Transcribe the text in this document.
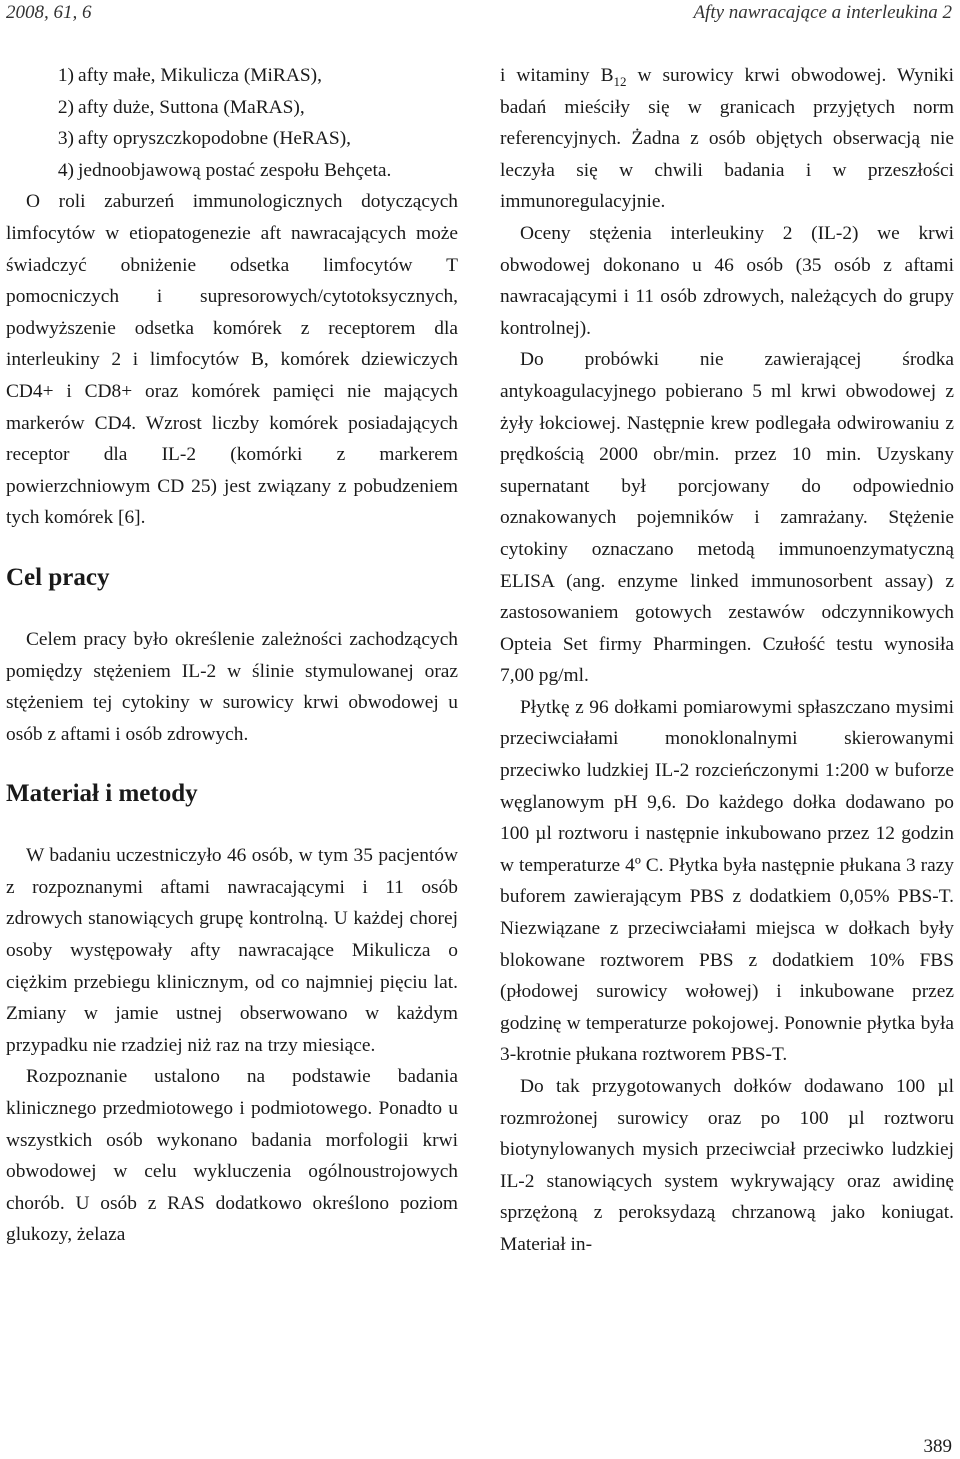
2008, 61, 6	Afty nawracające a interleukina 2

1) afty małe, Mikulicza (MiRAS),

2) afty duże, Suttona (MaRAS),

3) afty opryszczkopodobne (HeRAS),

4) jednoobjawową postać zespołu Behçeta.

O roli zaburzeń immunologicznych dotyczących limfocytów w etiopatogenezie aft nawracających może świadczyć obniżenie odsetka limfocytów T pomocniczych i supresorowych/cytotoksycznych, podwyższenie odsetka komórek z receptorem dla interleukiny 2 i limfocytów B, komórek dziewiczych CD4+ i CD8+ oraz komórek pamięci nie mających markerów CD4. Wzrost liczby komórek posiadających receptor dla IL-2 (komórki z markerem powierzchniowym CD 25) jest związany z pobudzeniem tych komórek [6].

Cel pracy

Celem pracy było określenie zależności zachodzących pomiędzy stężeniem IL-2 w ślinie stymulowanej oraz stężeniem tej cytokiny w surowicy krwi obwodowej u osób z aftami i osób zdrowych.

Materiał i metody

W badaniu uczestniczyło 46 osób, w tym 35 pacjentów z rozpoznanymi aftami nawracającymi i 11 osób zdrowych stanowiących grupę kontrolną. U każdej chorej osoby występowały afty nawracające Mikulicza o ciężkim przebiegu klinicznym, od co najmniej pięciu lat. Zmiany w jamie ustnej obserwowano w każdym przypadku nie rzadziej niż raz na trzy miesiące.

Rozpoznanie ustalono na podstawie badania klinicznego przedmiotowego i podmiotowego. Ponadto u wszystkich osób wykonano badania morfologii krwi obwodowej w celu wykluczenia ogólnoustrojowych chorób. U osób z RAS dodatkowo określono poziom glukozy, żelaza

i witaminy $B_{12}$ w surowicy krwi obwodowej. Wyniki badań mieściły się w granicach przyjętych norm referencyjnych. Żadna z osób objętych obserwacją nie leczyła się w chwili badania i w przeszłości immunoregulacyjnie.

Oceny stężenia interleukiny 2 (IL-2) we krwi obwodowej dokonano u 46 osób (35 osób z aftami nawracającymi i 11 osób zdrowych, należących do grupy kontrolnej).

Do probówki nie zawierającej środka antykoagulacyjnego pobierano 5 ml krwi obwodowej z żyły łokciowej. Następnie krew podlegała odwirowaniu z prędkością 2000 obr/min. przez 10 min. Uzyskany supernatant był porcjowany do odpowiednio oznakowanych pojemników i zamrażany. Stężenie cytokiny oznaczano metodą immunoenzymatyczną ELISA (ang. enzyme linked immunosorbent assay) z zastosowaniem gotowych zestawów odczynnikowych Opteia Set firmy Pharmingen. Czułość testu wynosiła 7,00 pg/ml.

Płytkę z 96 dołkami pomiarowymi spłaszczano mysimi przeciwciałami monoklonalnymi skierowanymi przeciwko ludzkiej IL-2 rozcieńczonymi 1:200 w buforze węglanowym pH 9,6. Do każdego dołka dodawano po 100 µl roztworu i następnie inkubowano przez 12 godzin w temperaturze 4º C. Płytka była następnie płukana 3 razy buforem zawierającym PBS z dodatkiem 0,05% PBS-T. Niezwiązane z przeciwciałami miejsca w dołkach były blokowane roztworem PBS z dodatkiem 10% FBS (płodowej surowicy wołowej) i inkubowane przez godzinę w temperaturze pokojowej. Ponownie płytka była 3-krotnie płukana roztworem PBS-T.

Do tak przygotowanych dołków dodawano 100 µl rozmrożonej surowicy oraz po 100 µl roztworu biotynylowanych mysich przeciwciał przeciwko ludzkiej IL-2 stanowiących system wykrywający oraz awidinę sprzężoną z peroksydazą chrzanową jako koniugat. Materiał in-

389
